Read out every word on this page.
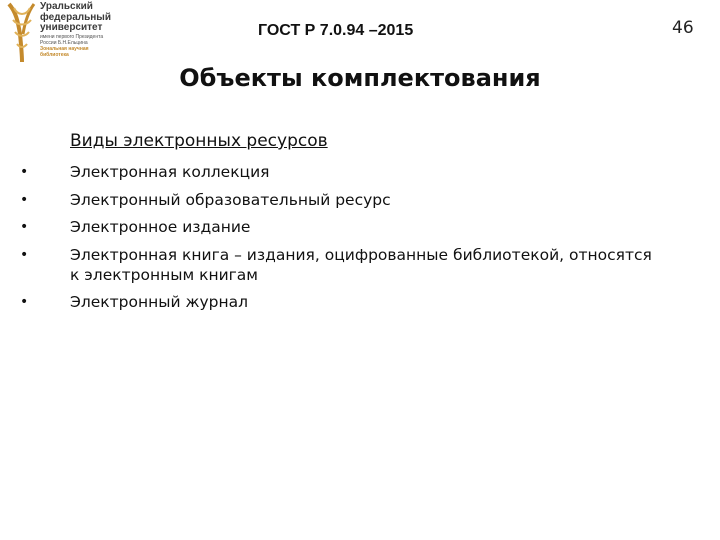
Уральский
федеральный
университет
имени первого Президента
России Б.Н.Ельцина
Зональная научная
библиотека
ГОСТ Р 7.0.94 –2015	46
Объекты комплектования
Виды электронных ресурсов
•	Электронная коллекция
•	Электронный образовательный ресурс
•	Электронное издание
•	Электронная книга – издания, оцифрованные библиотекой, относятся
к электронным книгам
•	Электронный журнал
